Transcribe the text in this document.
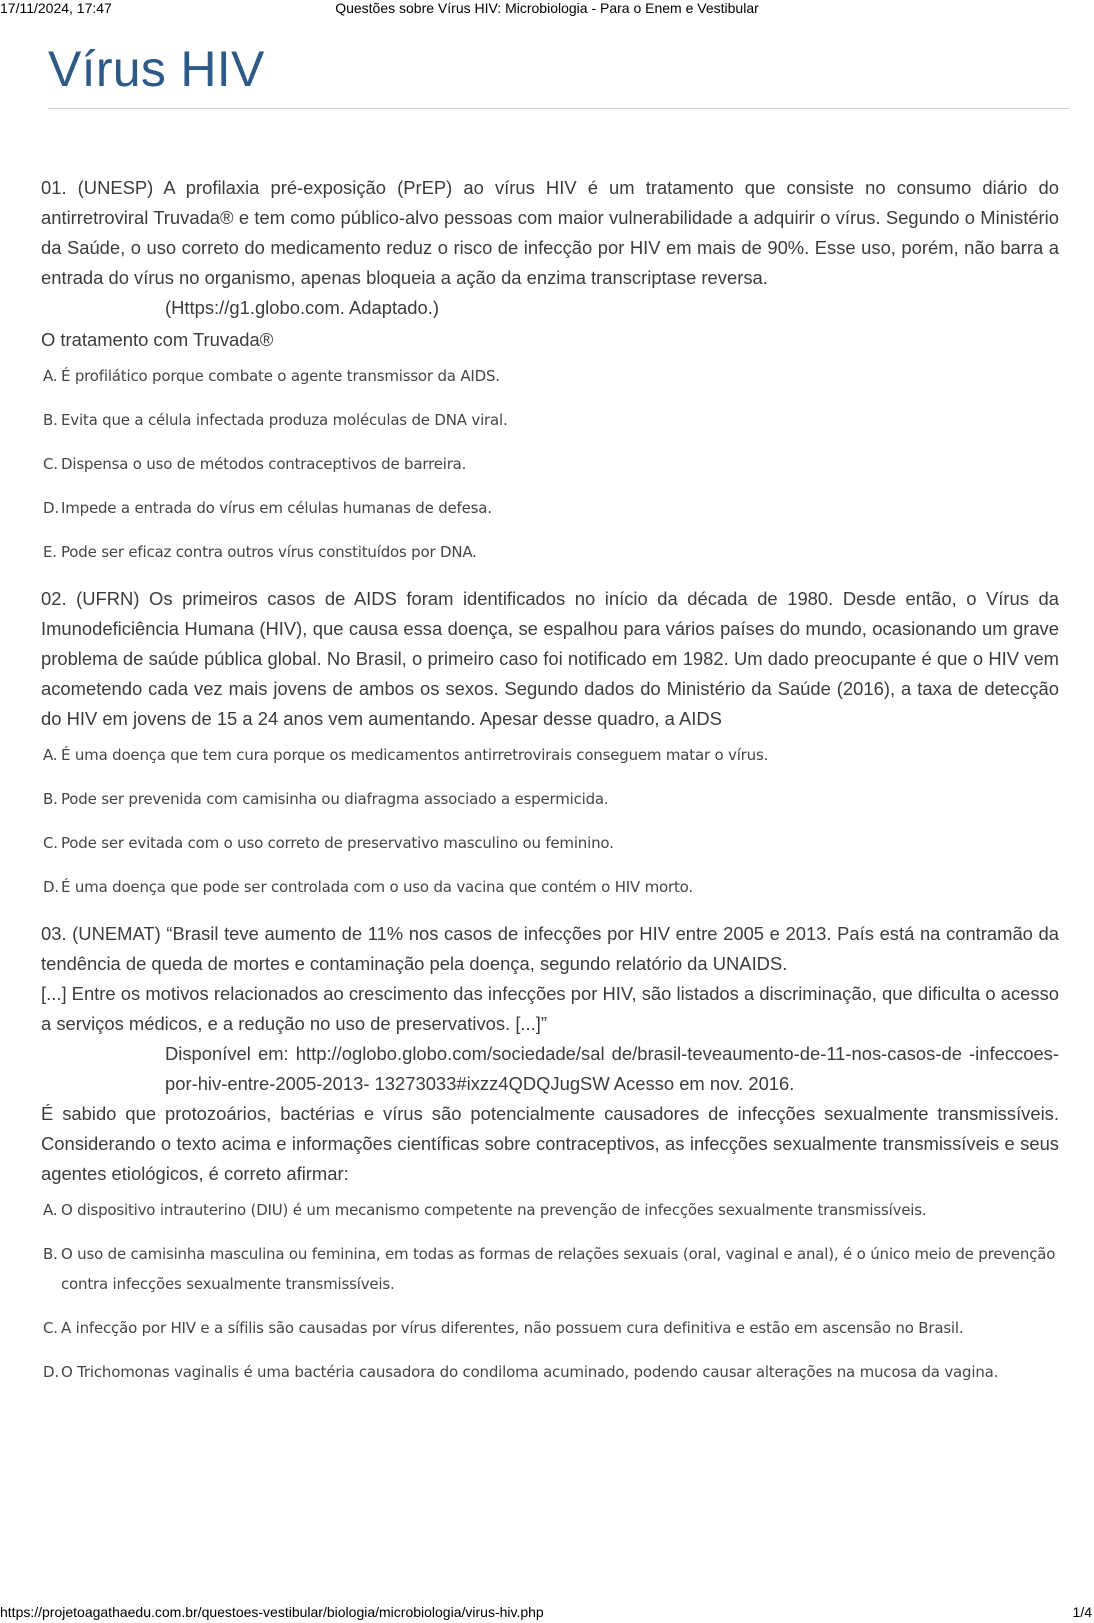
17/11/2024, 17:47	Questões sobre Vírus HIV: Microbiologia - Para o Enem e Vestibular
Vírus HIV

01. (UNESP) A profilaxia pré-exposição (PrEP) ao vírus HIV é um tratamento que consiste no consumo diário do antirretroviral Truvada® e tem como público-alvo pessoas com maior vulnerabilidade a adquirir o vírus. Segundo o Ministério da Saúde, o uso correto do medicamento reduz o risco de infecção por HIV em mais de 90%. Esse uso, porém, não barra a entrada do vírus no organismo, apenas bloqueia a ação da enzima transcriptase reversa.

(Https://g1.globo.com. Adaptado.)

O tratamento com Truvada®

A. É profilático porque combate o agente transmissor da AIDS.
B. Evita que a célula infectada produza moléculas de DNA viral.
C. Dispensa o uso de métodos contraceptivos de barreira.
D. Impede a entrada do vírus em células humanas de defesa.
E. Pode ser eficaz contra outros vírus constituídos por DNA.

02. (UFRN) Os primeiros casos de AIDS foram identificados no início da década de 1980. Desde então, o Vírus da Imunodeficiência Humana (HIV), que causa essa doença, se espalhou para vários países do mundo, ocasionando um grave problema de saúde pública global. No Brasil, o primeiro caso foi notificado em 1982. Um dado preocupante é que o HIV vem acometendo cada vez mais jovens de ambos os sexos. Segundo dados do Ministério da Saúde (2016), a taxa de detecção do HIV em jovens de 15 a 24 anos vem aumentando. Apesar desse quadro, a AIDS

A. É uma doença que tem cura porque os medicamentos antirretrovirais conseguem matar o vírus.
B. Pode ser prevenida com camisinha ou diafragma associado a espermicida.
C. Pode ser evitada com o uso correto de preservativo masculino ou feminino.
D. É uma doença que pode ser controlada com o uso da vacina que contém o HIV morto.

03. (UNEMAT) “Brasil teve aumento de 11% nos casos de infecções por HIV entre 2005 e 2013. País está na contramão da tendência de queda de mortes e contaminação pela doença, segundo relatório da UNAIDS.

[...] Entre os motivos relacionados ao crescimento das infecções por HIV, são listados a discriminação, que dificulta o acesso a serviços médicos, e a redução no uso de preservativos. [...]”

Disponível em: http://oglobo.globo.com/sociedade/sal de/brasil-teveaumento-de-11-nos-casos-de -infeccoes-por-hiv-entre-2005-2013- 13273033#ixzz4QDQJugSW Acesso em nov. 2016.

É sabido que protozoários, bactérias e vírus são potencialmente causadores de infecções sexualmente transmissíveis. Considerando o texto acima e informações científicas sobre contraceptivos, as infecções sexualmente transmissíveis e seus agentes etiológicos, é correto afirmar:

A. O dispositivo intrauterino (DIU) é um mecanismo competente na prevenção de infecções sexualmente transmissíveis.
B. O uso de camisinha masculina ou feminina, em todas as formas de relações sexuais (oral, vaginal e anal), é o único meio de prevenção contra infecções sexualmente transmissíveis.
C. A infecção por HIV e a sífilis são causadas por vírus diferentes, não possuem cura definitiva e estão em ascensão no Brasil.
D. O Trichomonas vaginalis é uma bactéria causadora do condiloma acuminado, podendo causar alterações na mucosa da vagina.
https://projetoagathaedu.com.br/questoes-vestibular/biologia/microbiologia/virus-hiv.php	1/4
